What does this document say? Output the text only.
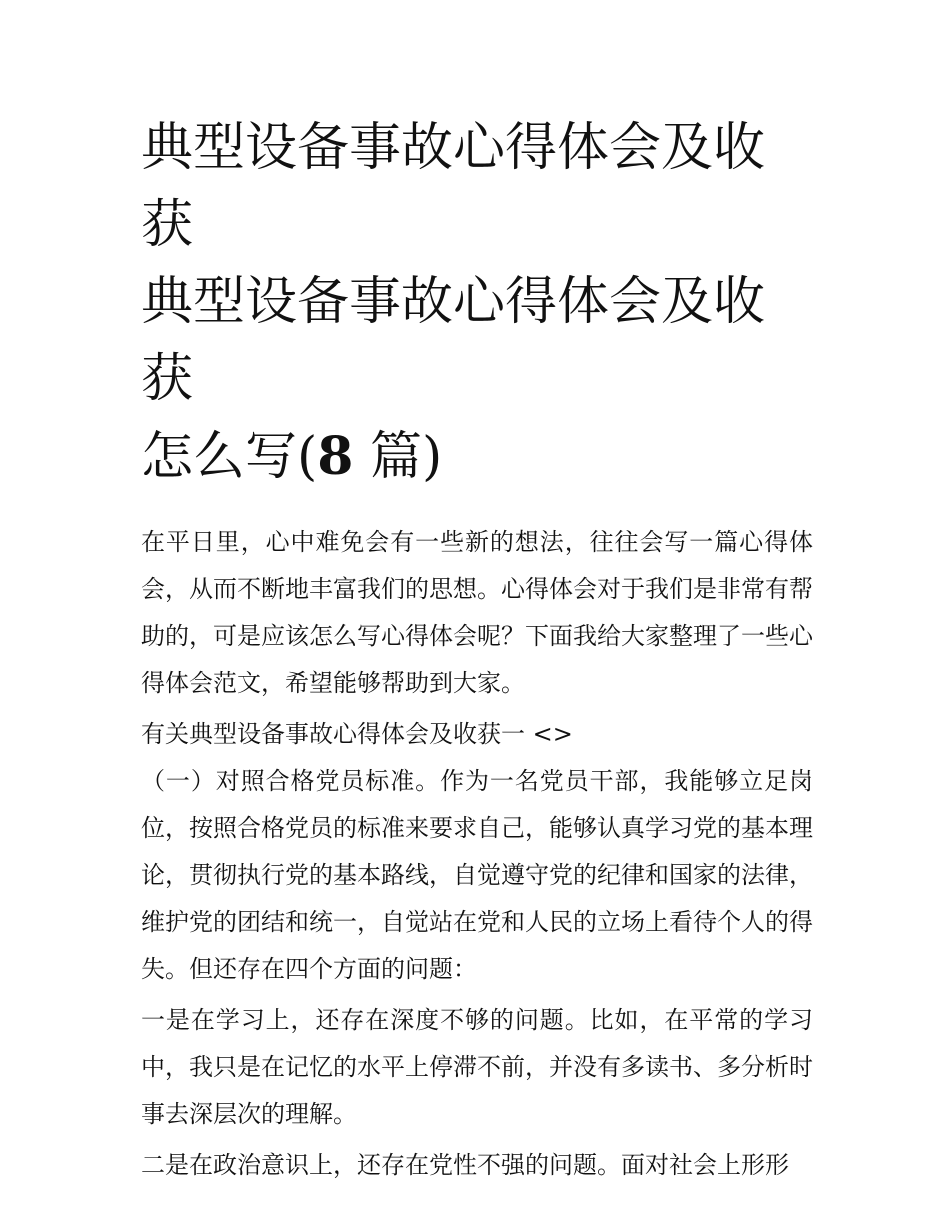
典型设备事故心得体会及收获
典型设备事故心得体会及收获
怎么写(8 篇)

在平日里，心中难免会有一些新的想法，往往会写一篇心得体会，从而不断地丰富我们的思想。心得体会对于我们是非常有帮助的，可是应该怎么写心得体会呢？下面我给大家整理了一些心得体会范文，希望能够帮助到大家。

有关典型设备事故心得体会及收获一 <>

（一）对照合格党员标准。作为一名党员干部，我能够立足岗位，按照合格党员的标准来要求自己，能够认真学习党的基本理论，贯彻执行党的基本路线，自觉遵守党的纪律和国家的法律，维护党的团结和统一，自觉站在党和人民的立场上看待个人的得失。但还存在四个方面的问题：

一是在学习上，还存在深度不够的问题。比如，在平常的学习中，我只是在记忆的水平上停滞不前，并没有多读书、多分析时事去深层次的理解。

二是在政治意识上，还存在党性不强的问题。面对社会上形形
